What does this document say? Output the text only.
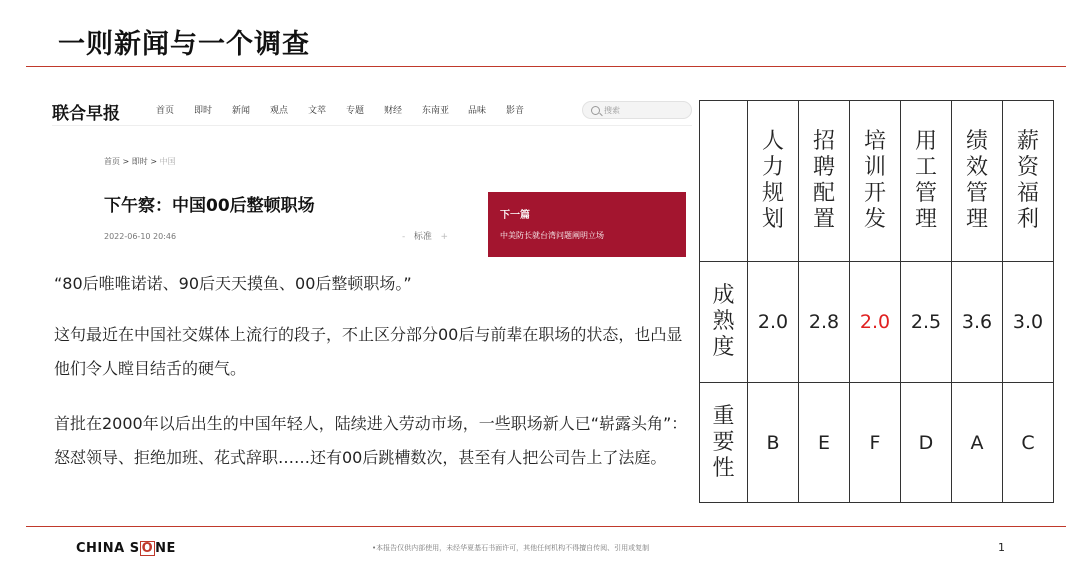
一则新闻与一个调查
联合早报	首页	即时	新闻	观点	文萃	专题	财经	东南亚	品味	影音	搜索
首页 > 即时 > 中国
下午察：中国00后整顿职场
2022-06-10 20:46	- 标准 +
下一篇
中美防长就台湾问题阐明立场
“80后唯唯诺诺、90后天天摸鱼、00后整顿职场。”
这句最近在中国社交媒体上流行的段子，不止区分部分00后与前辈在职场的状态，也凸显他们令人瞠目结舌的硬气。
首批在2000年以后出生的中国年轻人，陆续进入劳动市场，一些职场新人已“崭露头角”：怒怼领导、拒绝加班、花式辞职……还有00后跳槽数次，甚至有人把公司告上了法庭。

	人
力
规
划	招
聘
配
置	培
训
开
发	用
工
管
理	绩
效
管
理	薪
资
福
利

成
熟
度	2.0	2.8	2.0	2.5	3.6	3.0

重
要
性	B	E	F	D	A	C
CHINA S O NE	•本报告仅供内部使用，未经华夏基石书面许可，其他任何机构不得擅自传阅、引用或复制	1
